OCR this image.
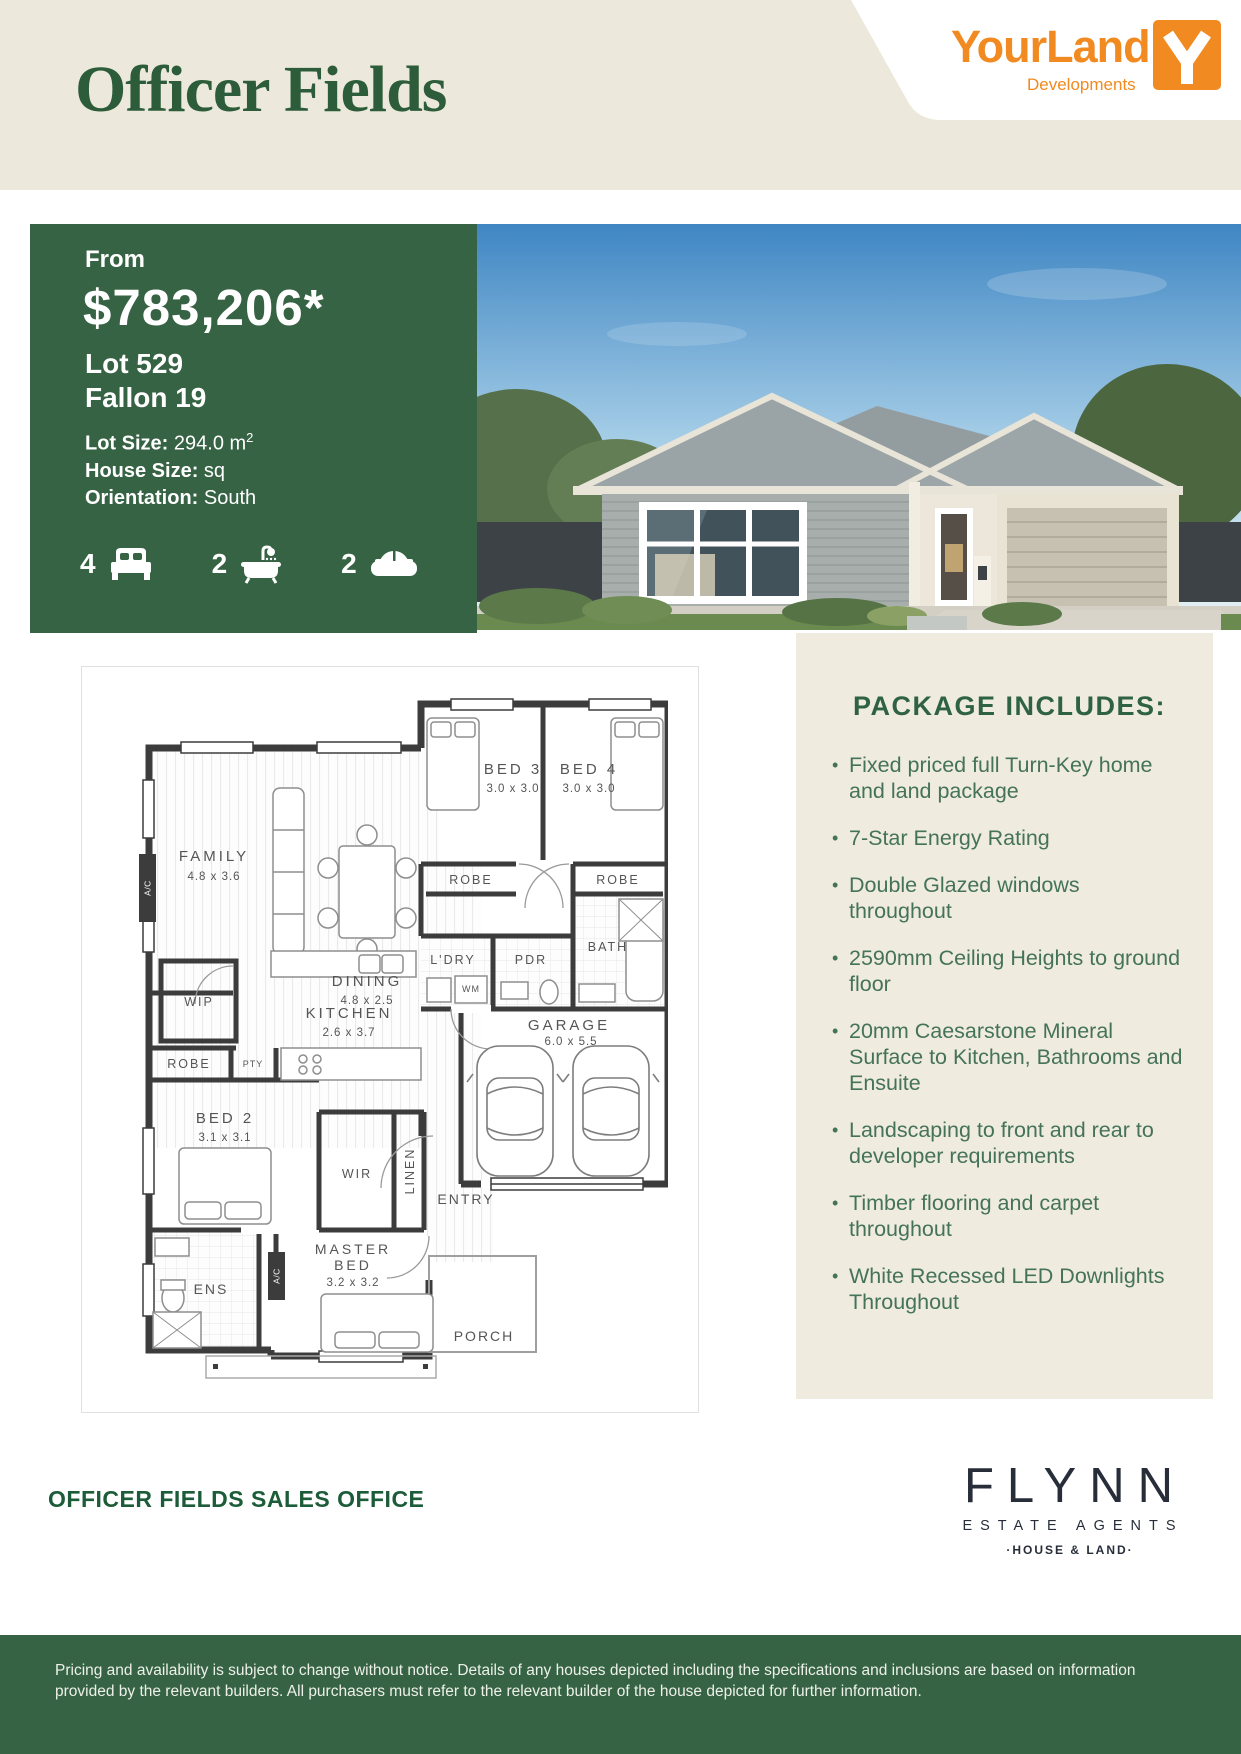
Officer Fields
YourLand
Developments
From
$783,206*
Lot 529
Fallon 19
Lot Size: 294.0 $m^2$
House Size: sq
Orientation: South
4	2	2
A/C
A/C
FAMILY
4.8 x 3.6
DINING
4.8 x 2.5
KITCHEN
2.6 x 3.7
BED 3
3.0 x 3.0
BED 4
3.0 x 3.0
ROBE	ROBE
L'DRY
WM
PDR
BATH
GARAGE
6.0 x 5.5
WIP
ROBE	PTY
BED 2
3.1 x 3.1
WIR LINEN
ENTRY
ENS
MASTER
BED
3.2 x 3.2
PORCH
PACKAGE INCLUDES:
• Fixed priced full Turn-Key home and land package
• 7-Star Energy Rating
• Double Glazed windows throughout
• 2590mm Ceiling Heights to ground floor
• 20mm Caesarstone Mineral Surface to Kitchen, Bathrooms and Ensuite
• Landscaping to front and rear to developer requirements
• Timber flooring and carpet throughout
• White Recessed LED Downlights Throughout
OFFICER FIELDS SALES OFFICE	FLYNN
ESTATE AGENTS
·HOUSE & LAND·
Pricing and availability is subject to change without notice. Details of any houses depicted including the specifications and inclusions are based on information provided by the relevant builders. All purchasers must refer to the relevant builder of the house depicted for further information.
